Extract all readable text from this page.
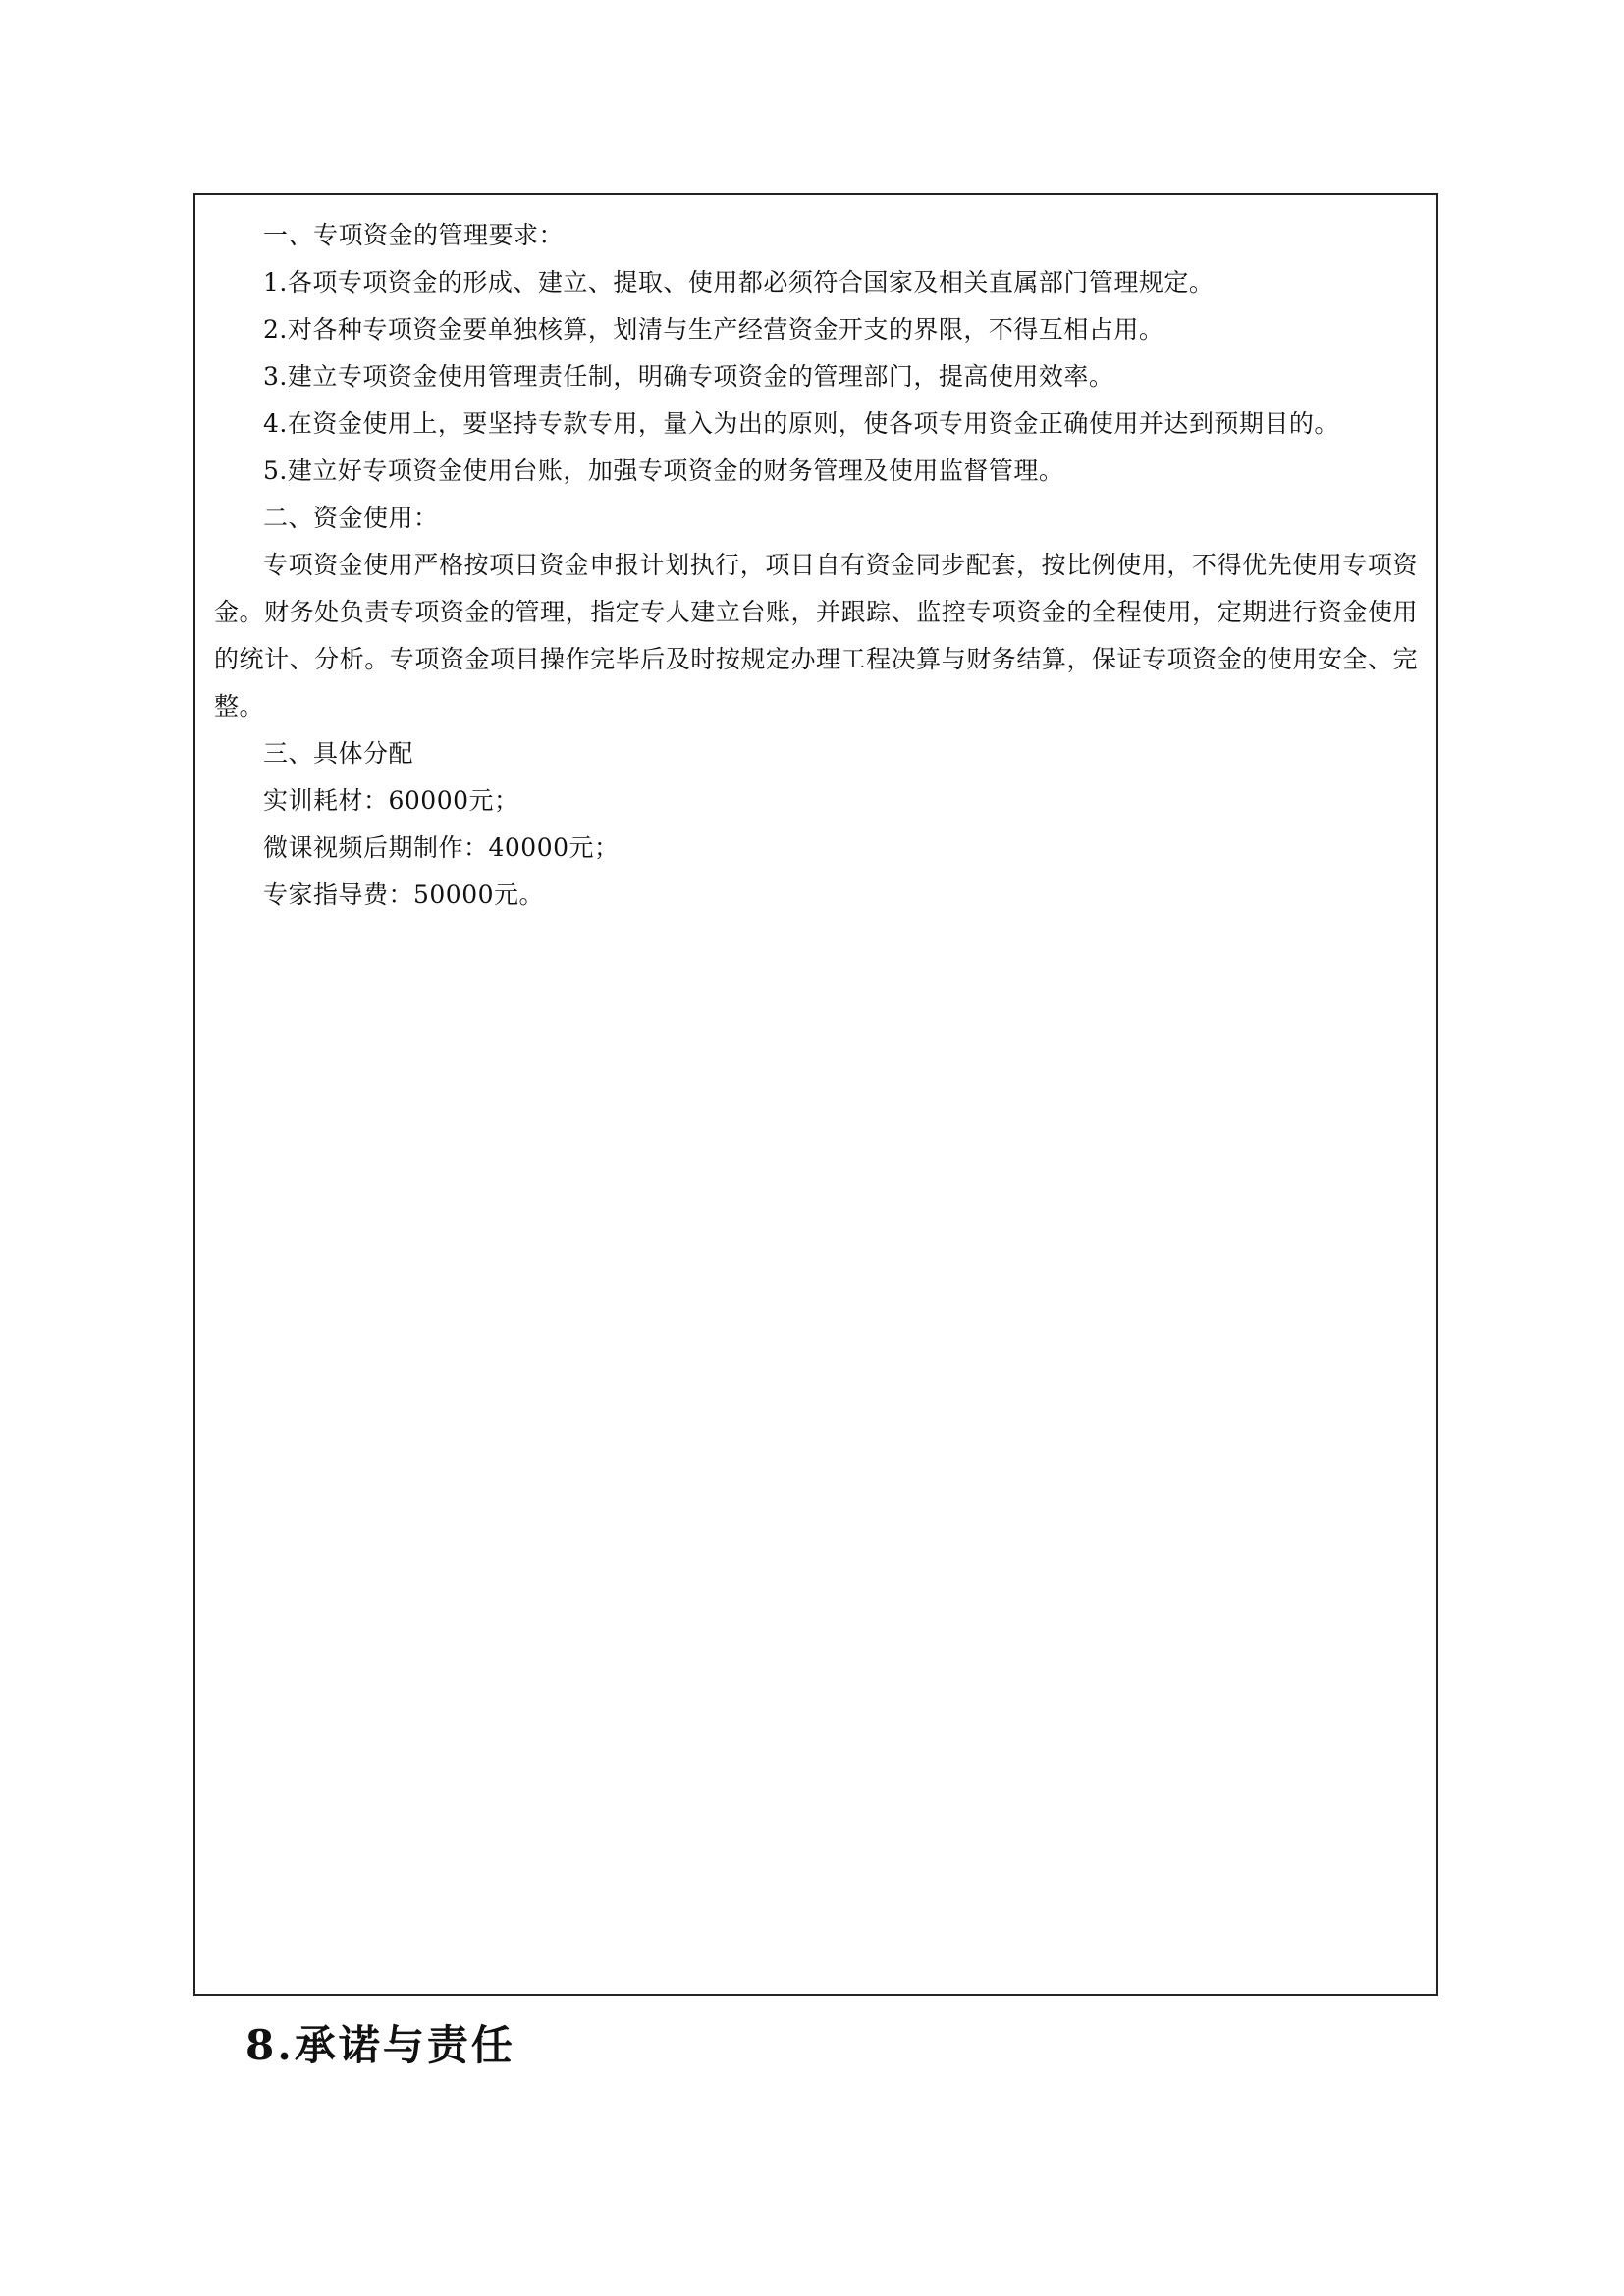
一、专项资金的管理要求：

1.各项专项资金的形成、建立、提取、使用都必须符合国家及相关直属部门管理规定。

2.对各种专项资金要单独核算，划清与生产经营资金开支的界限，不得互相占用。

3.建立专项资金使用管理责任制，明确专项资金的管理部门，提高使用效率。

4.在资金使用上，要坚持专款专用，量入为出的原则，使各项专用资金正确使用并达到预期目的。

5.建立好专项资金使用台账，加强专项资金的财务管理及使用监督管理。

二、资金使用：

专项资金使用严格按项目资金申报计划执行，项目自有资金同步配套，按比例使用，不得优先使用专项资金。财务处负责专项资金的管理，指定专人建立台账，并跟踪、监控专项资金的全程使用，定期进行资金使用的统计、分析。专项资金项目操作完毕后及时按规定办理工程决算与财务结算，保证专项资金的使用安全、完整。

三、具体分配

实训耗材：60000元；

微课视频后期制作：40000元；

专家指导费：50000元。

8.承诺与责任
